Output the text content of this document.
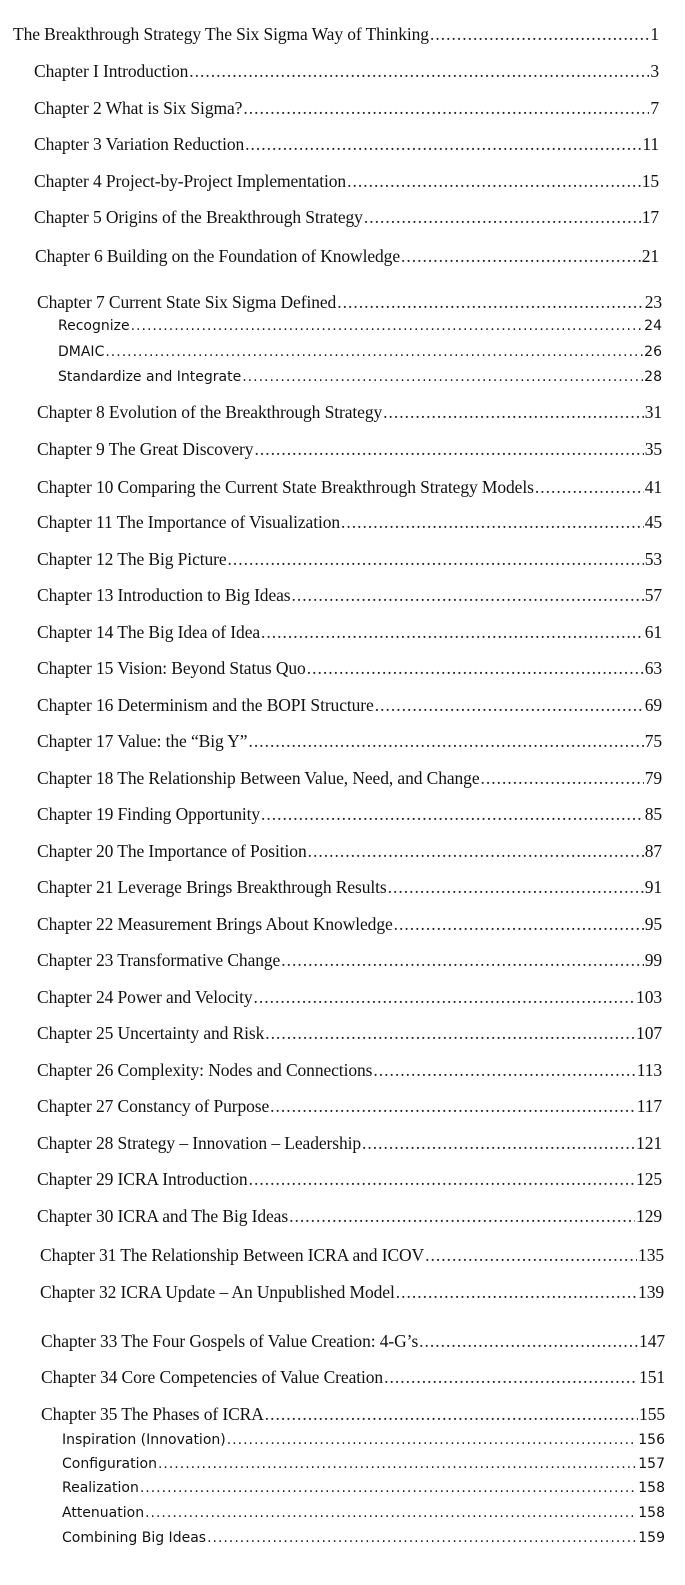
The Breakthrough Strategy The Six Sigma Way of Thinking .....	1
Chapter I Introduction .....	3
Chapter 2 What is Six Sigma? .....	7
Chapter 3 Variation Reduction .....	11
Chapter 4 Project-by-Project Implementation .....	15
Chapter 5 Origins of the Breakthrough Strategy .....	17
Chapter 6 Building on the Foundation of Knowledge .....	21
Chapter 7 Current State Six Sigma Defined .....	23
Recognize .....	24
DMAIC .....	26
Standardize and Integrate .....	28
Chapter 8 Evolution of the Breakthrough Strategy .....	31
Chapter 9 The Great Discovery .....	35
Chapter 10 Comparing the Current State Breakthrough Strategy Models .....	41
Chapter 11 The Importance of Visualization .....	45
Chapter 12 The Big Picture .....	53
Chapter 13 Introduction to Big Ideas .....	57
Chapter 14 The Big Idea of Idea .....	61
Chapter 15 Vision: Beyond Status Quo .....	63
Chapter 16 Determinism and the BOPI Structure .....	69
Chapter 17 Value: the “Big Y” .....	75
Chapter 18 The Relationship Between Value, Need, and Change .....	79
Chapter 19 Finding Opportunity .....	85
Chapter 20 The Importance of Position .....	87
Chapter 21 Leverage Brings Breakthrough Results .....	91
Chapter 22 Measurement Brings About Knowledge .....	95
Chapter 23 Transformative Change .....	99
Chapter 24 Power and Velocity .....	103
Chapter 25 Uncertainty and Risk .....	107
Chapter 26 Complexity: Nodes and Connections .....	113
Chapter 27 Constancy of Purpose .....	117
Chapter 28 Strategy – Innovation – Leadership .....	121
Chapter 29 ICRA Introduction .....	125
Chapter 30 ICRA and The Big Ideas .....	129
Chapter 31 The Relationship Between ICRA and ICOV .....	135
Chapter 32 ICRA Update – An Unpublished Model .....	139
Chapter 33 The Four Gospels of Value Creation: 4-G’s .....	147
Chapter 34 Core Competencies of Value Creation .....	151
Chapter 35 The Phases of ICRA .....	155
Inspiration (Innovation) .....	156
Configuration .....	157
Realization .....	158
Attenuation .....	158
Combining Big Ideas .....	159
